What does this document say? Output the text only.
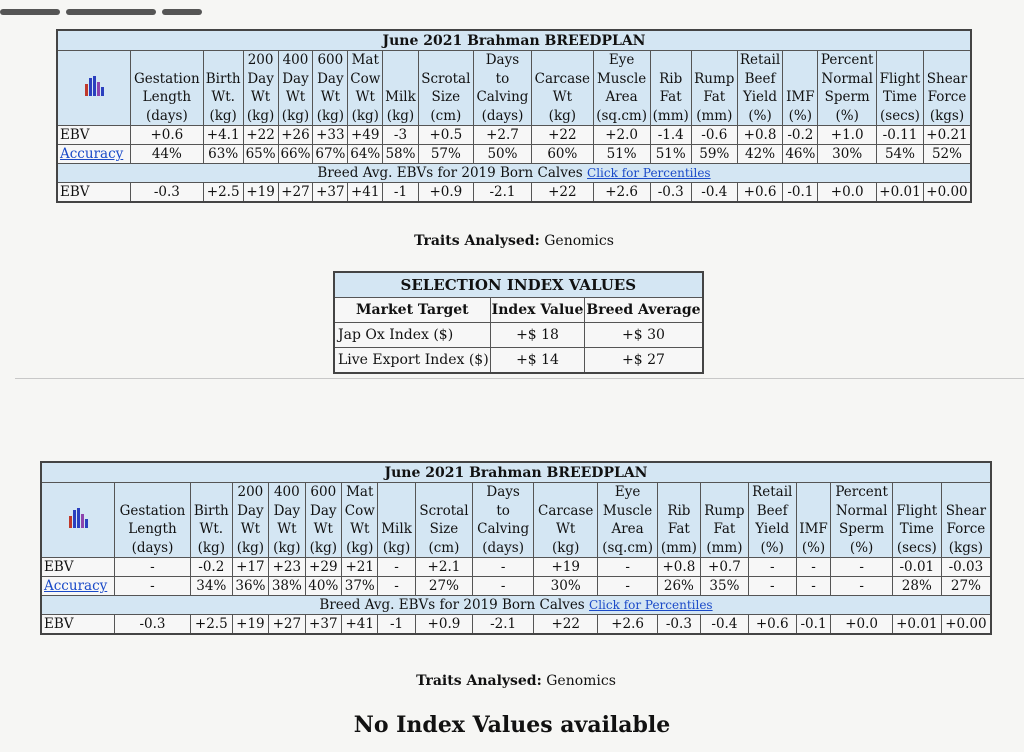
June 2021 Brahman BREEDPLAN																		

	Gestation
Length
(days)	Birth
Wt.
(kg)	200
Day
Wt
(kg)	400
Day
Wt
(kg)	600
Day
Wt
(kg)	Mat
Cow
Wt
(kg)	Milk
(kg)	Scrotal
Size
(cm)	Days
to
Calving
(days)	Carcase
Wt
(kg)	Eye
Muscle
Area
(sq.cm)	Rib
Fat
(mm)	Rump
Fat
(mm)	Retail
Beef
Yield
(%)	IMF
(%)	Percent
Normal
Sperm
(%)	Flight
Time
(secs)	Shear
Force
(kgs)
EBV	+0.6	+4.1	+22	+26	+33	+49	-3	+0.5	+2.7	+22	+2.0	-1.4	-0.6	+0.8	-0.2	+1.0	-0.11	+0.21
Accuracy	44%	63%	65%	66%	67%	64%	58%	57%	50%	60%	51%	51%	59%	42%	46%	30%	54%	52%
Breed Avg. EBVs for 2019 Born Calves Click for Percentiles																		
EBV	-0.3	+2.5	+19	+27	+37	+41	-1	+0.9	-2.1	+22	+2.6	-0.3	-0.4	+0.6	-0.1	+0.0	+0.01	+0.00
Traits Analysed: Genomics
SELECTION INDEX VALUES		
Market Target	Index Value	Breed Average
Jap Ox Index ($)	+$ 18	+$ 30
Live Export Index ($)	+$ 14	+$ 27
June 2021 Brahman BREEDPLAN																		

	Gestation
Length
(days)	Birth
Wt.
(kg)	200
Day
Wt
(kg)	400
Day
Wt
(kg)	600
Day
Wt
(kg)	Mat
Cow
Wt
(kg)	Milk
(kg)	Scrotal
Size
(cm)	Days
to
Calving
(days)	Carcase
Wt
(kg)	Eye
Muscle
Area
(sq.cm)	Rib
Fat
(mm)	Rump
Fat
(mm)	Retail
Beef
Yield
(%)	IMF
(%)	Percent
Normal
Sperm
(%)	Flight
Time
(secs)	Shear
Force
(kgs)
EBV	-	-0.2	+17	+23	+29	+21	-	+2.1	-	+19	-	+0.8	+0.7	-	-	-	-0.01	-0.03
Accuracy	-	34%	36%	38%	40%	37%	-	27%	-	30%	-	26%	35%	-	-	-	28%	27%
Breed Avg. EBVs for 2019 Born Calves Click for Percentiles																		
EBV	-0.3	+2.5	+19	+27	+37	+41	-1	+0.9	-2.1	+22	+2.6	-0.3	-0.4	+0.6	-0.1	+0.0	+0.01	+0.00
Traits Analysed: Genomics
No Index Values available
